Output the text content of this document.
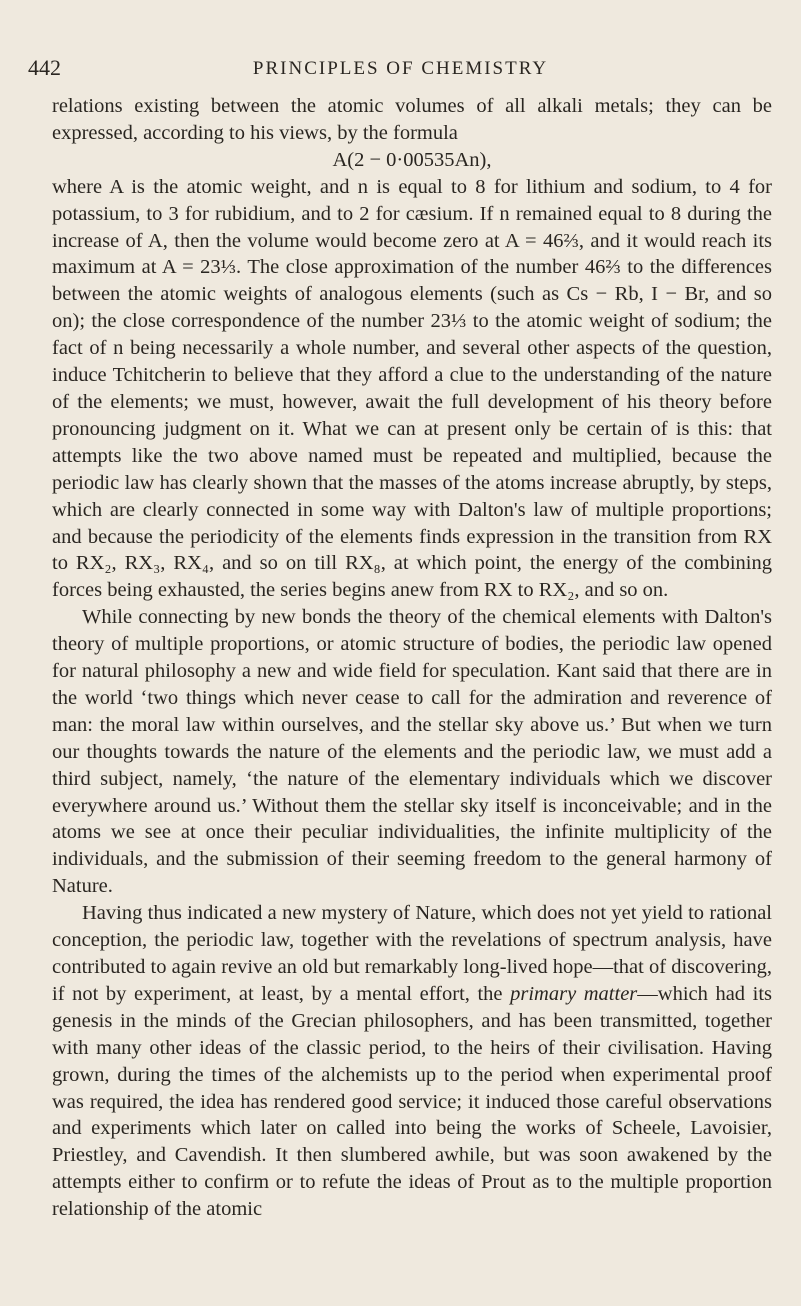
442	PRINCIPLES OF CHEMISTRY

relations existing between the atomic volumes of all alkali metals; they can be expressed, according to his views, by the formula

A(2 − 0·00535An),

where A is the atomic weight, and n is equal to 8 for lithium and sodium, to 4 for potassium, to 3 for rubidium, and to 2 for cæsium. If n remained equal to 8 during the increase of A, then the volume would become zero at A = 46⅔, and it would reach its maximum at A = 23⅓. The close approximation of the number 46⅔ to the differences between the atomic weights of analogous elements (such as Cs − Rb, I − Br, and so on); the close correspondence of the number 23⅓ to the atomic weight of sodium; the fact of n being necessarily a whole number, and several other aspects of the question, induce Tchitcherin to believe that they afford a clue to the understanding of the nature of the elements; we must, however, await the full development of his theory before pronouncing judgment on it. What we can at present only be certain of is this: that attempts like the two above named must be repeated and multiplied, because the periodic law has clearly shown that the masses of the atoms increase abruptly, by steps, which are clearly connected in some way with Dalton's law of multiple proportions; and because the periodicity of the elements finds expression in the transition from RX to RX₂, RX₃, RX₄, and so on till RX₈, at which point, the energy of the combining forces being exhausted, the series begins anew from RX to RX₂, and so on.

While connecting by new bonds the theory of the chemical elements with Dalton's theory of multiple proportions, or atomic structure of bodies, the periodic law opened for natural philosophy a new and wide field for speculation. Kant said that there are in the world ‘two things which never cease to call for the admiration and reverence of man: the moral law within ourselves, and the stellar sky above us.’ But when we turn our thoughts towards the nature of the elements and the periodic law, we must add a third subject, namely, ‘the nature of the elementary individuals which we discover everywhere around us.’ Without them the stellar sky itself is inconceivable; and in the atoms we see at once their peculiar individualities, the infinite multiplicity of the individuals, and the submission of their seeming freedom to the general harmony of Nature.

Having thus indicated a new mystery of Nature, which does not yet yield to rational conception, the periodic law, together with the revelations of spectrum analysis, have contributed to again revive an old but remarkably long-lived hope—that of discovering, if not by experiment, at least, by a mental effort, the primary matter—which had its genesis in the minds of the Grecian philosophers, and has been transmitted, together with many other ideas of the classic period, to the heirs of their civilisation. Having grown, during the times of the alchemists up to the period when experimental proof was required, the idea has rendered good service; it induced those careful observations and experiments which later on called into being the works of Scheele, Lavoisier, Priestley, and Cavendish. It then slumbered awhile, but was soon awakened by the attempts either to confirm or to refute the ideas of Prout as to the multiple proportion relationship of the atomic
